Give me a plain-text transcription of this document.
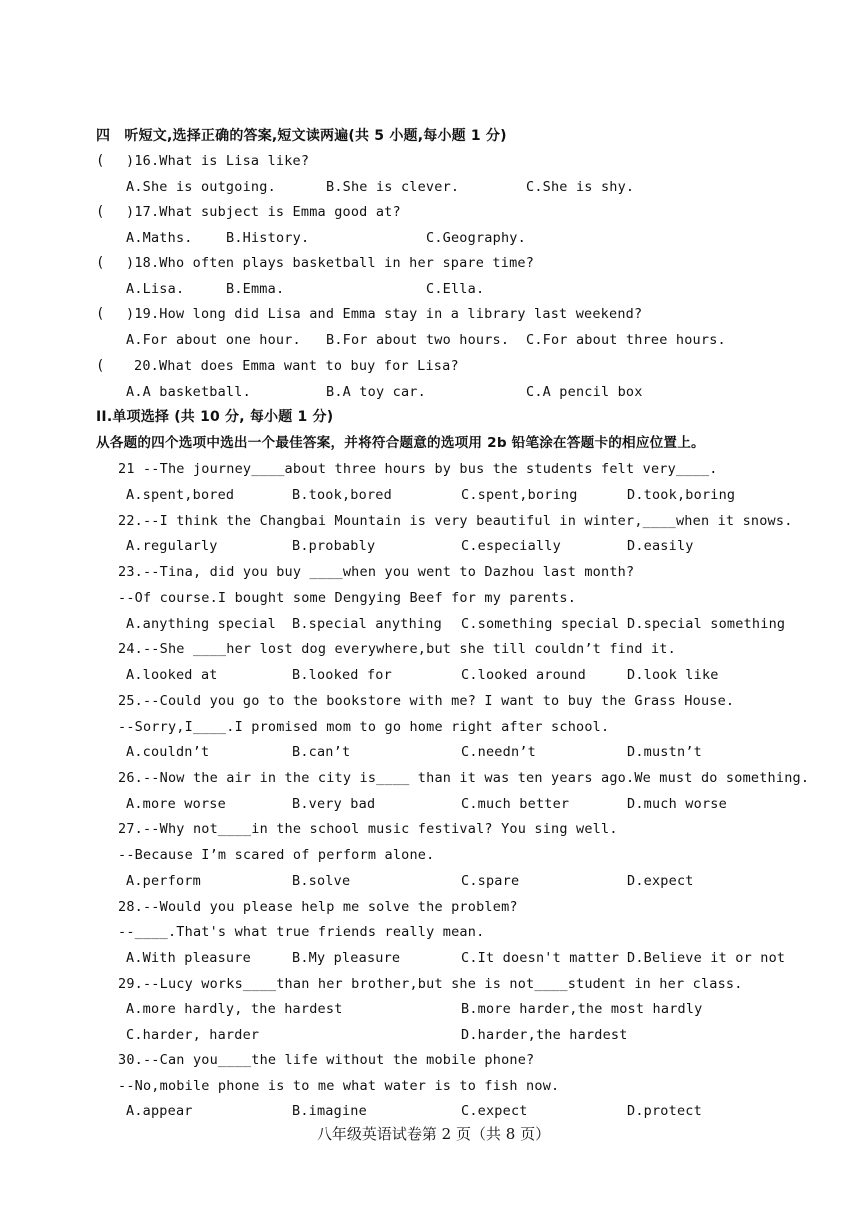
四　听短文,选择正确的答案,短文读两遍(共 5 小题,每小题 1 分)
( )16.What is Lisa like?
A.She is outgoing.	B.She is clever.	C.She is shy.
( )17.What subject is Emma good at?
A.Maths. B.History.	C.Geography.
( )18.Who often plays basketball in her spare time?
A.Lisa.	B.Emma.	C.Ella.
( )19.How long did Lisa and Emma stay in a library last weekend?
A.For about one hour. B.For about two hours. C.For about three hours.
( 20.What does Emma want to buy for Lisa?
A.A basketball.	B.A toy car.	C.A pencil box
II.单项选择 (共 10 分, 每小题 1 分)
从各题的四个选项中选出一个最佳答案，并将符合题意的选项用 2b 铅笔涂在答题卡的相应位置上。
21 --The journey____about three hours by bus the students felt very____.
A.spent,bored	B.took,bored	C.spent,boring	D.took,boring
22.--I think the Changbai Mountain is very beautiful in winter,____when it snows.
A.regularly	B.probably	C.especially	D.easily
23.--Tina, did you buy ____when you went to Dazhou last month?
--Of course.I bought some Dengying Beef for my parents.
A.anything special B.special anything C.something special D.special something
24.--She ____her lost dog everywhere,but she till couldn’t find it.
A.looked at	B.looked for	C.looked around	D.look like
25.--Could you go to the bookstore with me? I want to buy the Grass House.
--Sorry,I____.I promised mom to go home right after school.
A.couldn’t	B.can’t	C.needn’t	D.mustn’t
26.--Now the air in the city is____ than it was ten years ago.We must do something.
A.more worse	B.very bad	C.much better	D.much worse
27.--Why not____in the school music festival? You sing well.
--Because I’m scared of perform alone.
A.perform	B.solve	C.spare	D.expect
28.--Would you please help me solve the problem?
--____.That's what true friends really mean.
A.With pleasure	B.My pleasure	C.It doesn't matter D.Believe it or not
29.--Lucy works____than her brother,but she is not____student in her class.
A.more hardly, the hardest	B.more harder,the most hardly
C.harder, harder	D.harder,the hardest
30.--Can you____the life without the mobile phone?
--No,mobile phone is to me what water is to fish now.
A.appear	B.imagine	C.expect	D.protect
八年级英语试卷第 2 页（共 8 页）
